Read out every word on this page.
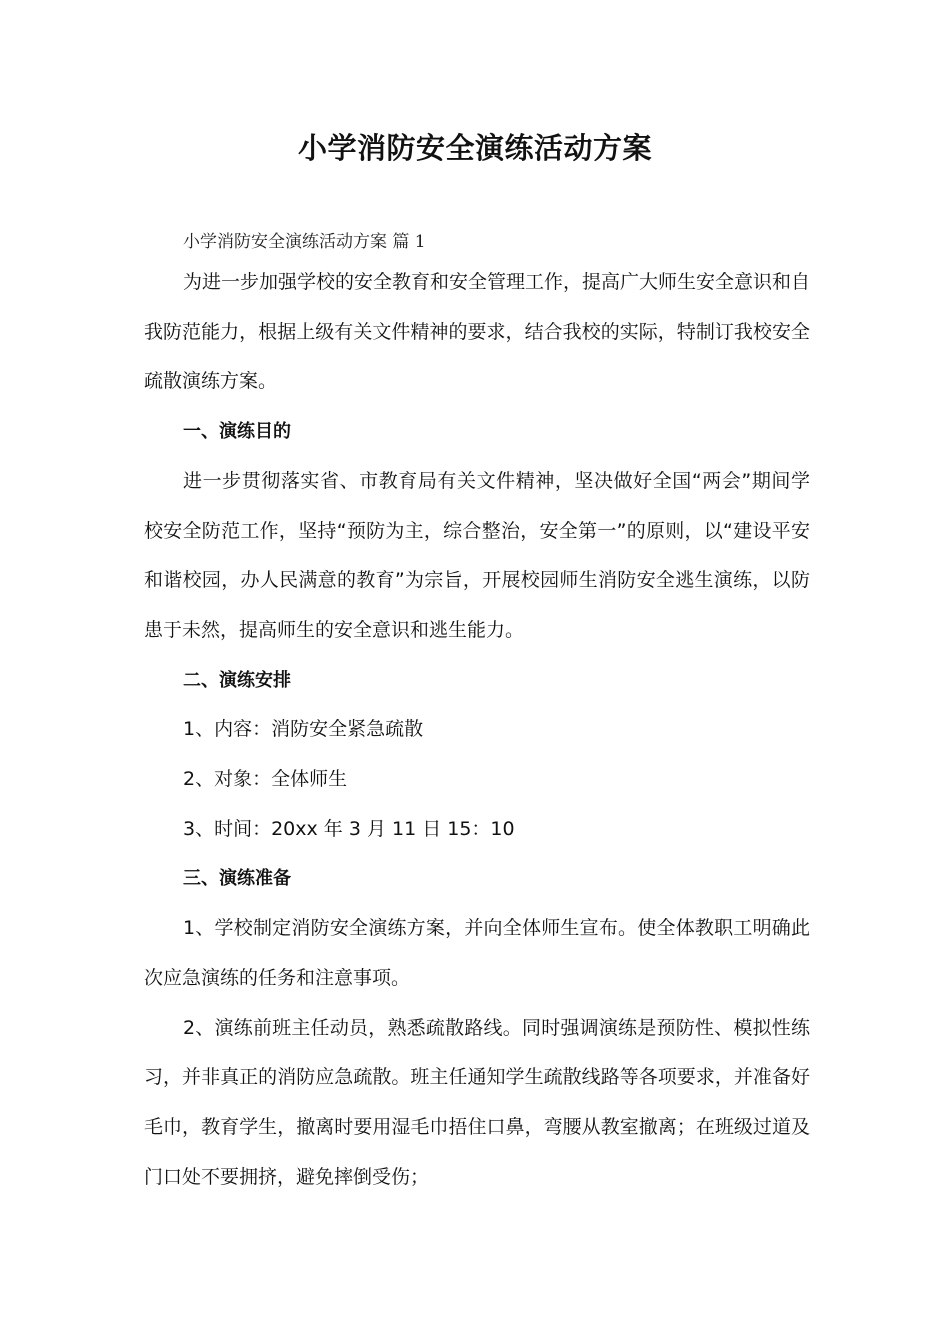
小学消防安全演练活动方案
小学消防安全演练活动方案 篇 1

为进一步加强学校的安全教育和安全管理工作，提高广大师生安全意识和自我防范能力，根据上级有关文件精神的要求，结合我校的实际，特制订我校安全疏散演练方案。

一、演练目的

进一步贯彻落实省、市教育局有关文件精神，坚决做好全国“两会”期间学校安全防范工作，坚持“预防为主，综合整治，安全第一”的原则，以“建设平安和谐校园，办人民满意的教育”为宗旨，开展校园师生消防安全逃生演练，以防患于未然，提高师生的安全意识和逃生能力。

二、演练安排

1、内容：消防安全紧急疏散

2、对象：全体师生

3、时间：20xx 年 3 月 11 日 15：10

三、演练准备

1、学校制定消防安全演练方案，并向全体师生宣布。使全体教职工明确此次应急演练的任务和注意事项。

2、演练前班主任动员，熟悉疏散路线。同时强调演练是预防性、模拟性练习，并非真正的消防应急疏散。班主任通知学生疏散线路等各项要求，并准备好毛巾，教育学生，撤离时要用湿毛巾捂住口鼻，弯腰从教室撤离；在班级过道及门口处不要拥挤，避免摔倒受伤；
